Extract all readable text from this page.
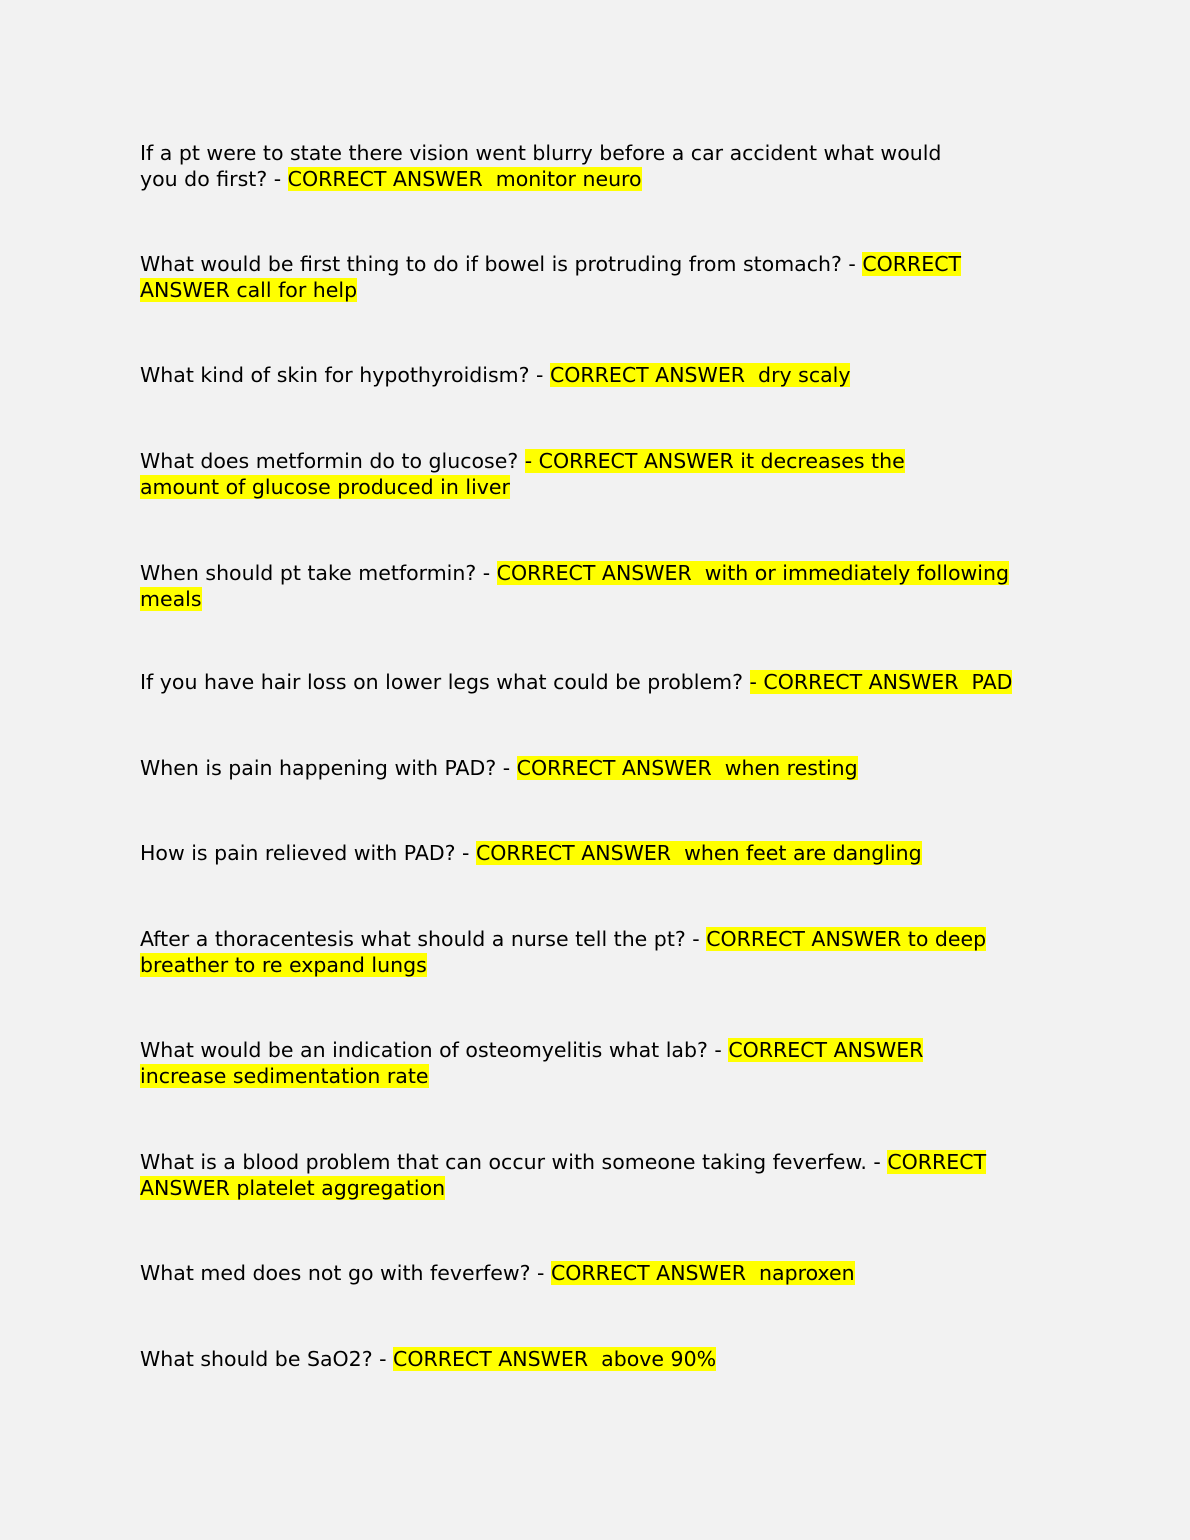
If a pt were to state there vision went blurry before a car accident what would
you do first? - CORRECT ANSWER  monitor neuro

What would be first thing to do if bowel is protruding from stomach? - CORRECT
ANSWER call for help

What kind of skin for hypothyroidism? - CORRECT ANSWER  dry scaly

What does metformin do to glucose? - CORRECT ANSWER it decreases the
amount of glucose produced in liver

When should pt take metformin? - CORRECT ANSWER  with or immediately following
meals

If you have hair loss on lower legs what could be problem? - CORRECT ANSWER  PAD

When is pain happening with PAD? - CORRECT ANSWER  when resting

How is pain relieved with PAD? - CORRECT ANSWER  when feet are dangling

After a thoracentesis what should a nurse tell the pt? - CORRECT ANSWER to deep
breather to re expand lungs

What would be an indication of osteomyelitis what lab? - CORRECT ANSWER
increase sedimentation rate

What is a blood problem that can occur with someone taking feverfew. - CORRECT
ANSWER platelet aggregation

What med does not go with feverfew? - CORRECT ANSWER  naproxen

What should be SaO2? - CORRECT ANSWER  above 90%
